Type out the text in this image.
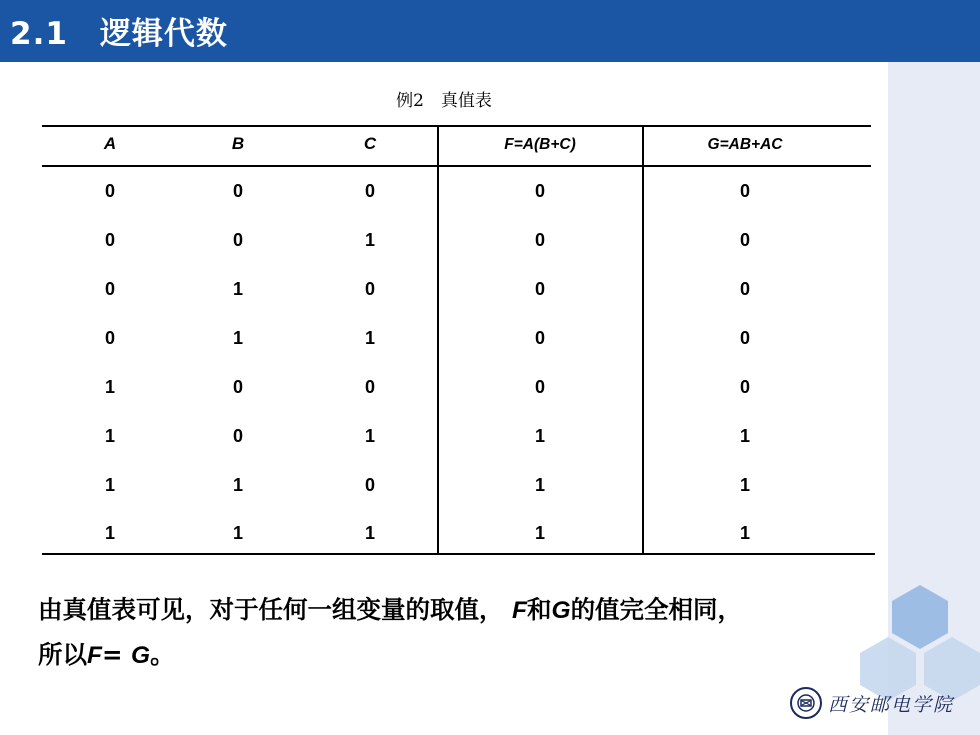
2.1　逻辑代数
例2　真值表
A	B	C	F=A(B+C)	G=AB+AC
0	0	0	0	0
0	0	1	0	0
0	1	0	0	0
0	1	1	0	0
1	0	0	0	0
1	0	1	1	1
1	1	0	1	1
1	1	1	1	1
由真值表可见，对于任何一组变量的取值， F和G的值完全相同，
所以F= G。
西安邮电学院
